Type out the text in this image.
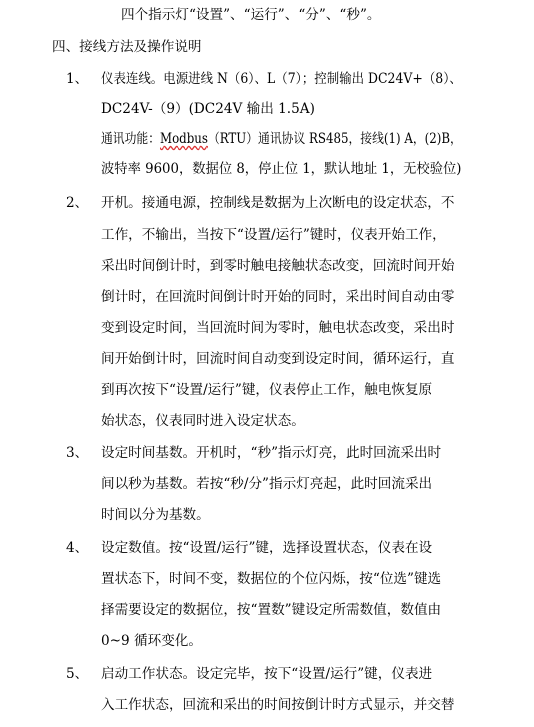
四个指示灯“设置”、“运行”、“分”、“秒”。
四、接线方法及操作说明
1、 仪表连线。电源进线 N（6）、L（7）；控制输出 DC24V+（8）、
DC24V-（9）(DC24V 输出 1.5A)
通讯功能：Modbus（RTU）通讯协议 RS485，接线(1) A，(2)B，
波特率 9600，数据位 8，停止位 1，默认地址 1，无校验位)
2、 开机。接通电源，控制线是数据为上次断电的设定状态，不
工作，不输出，当按下“设置/运行”键时，仪表开始工作，
采出时间倒计时，到零时触电接触状态改变，回流时间开始
倒计时，在回流时间倒计时开始的同时，采出时间自动由零
变到设定时间，当回流时间为零时，触电状态改变，采出时
间开始倒计时，回流时间自动变到设定时间，循环运行，直
到再次按下“设置/运行”键，仪表停止工作，触电恢复原
始状态，仪表同时进入设定状态。
3、 设定时间基数。开机时，“秒”指示灯亮，此时回流采出时
间以秒为基数。若按“秒/分”指示灯亮起，此时回流采出
时间以分为基数。
4、 设定数值。按“设置/运行”键，选择设置状态，仪表在设
置状态下，时间不变，数据位的个位闪烁，按“位选”键选
择需要设定的数据位，按“置数”键设定所需数值，数值由
0~9 循环变化。
5、 启动工作状态。设定完毕，按下“设置/运行”键，仪表进
入工作状态，回流和采出的时间按倒计时方式显示，并交替
